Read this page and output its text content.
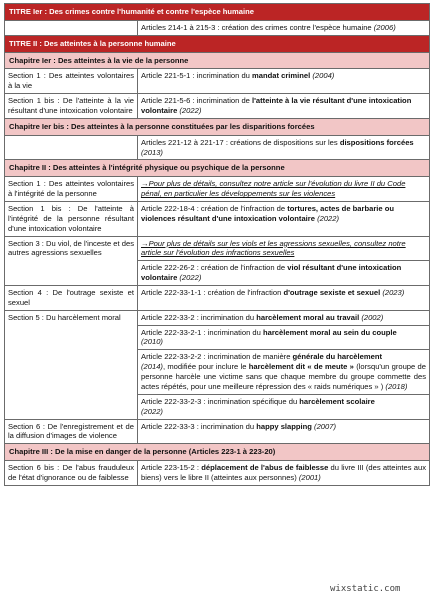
TITRE Ier : Des crimes contre l'humanité et contre l'espèce humaine	
	Articles 214-1 à 215-3 : création des crimes contre l'espèce humaine (2006)
TITRE II : Des atteintes à la personne humaine	
Chapitre Ier : Des atteintes à la vie de la personne	
Section 1 : Des atteintes volontaires à la vie	Article 221-5-1 : incrimination du mandat criminel (2004)
Section 1 bis : De l'atteinte à la vie résultant d'une intoxication volontaire	Article 221-5-6 : incrimination de l'atteinte à la vie résultant d'une intoxication volontaire (2022)
Chapitre Ier bis : Des atteintes à la personne constituées par les disparitions forcées	
	Articles 221-12 à 221-17 : créations de dispositions sur les dispositions forcées (2013)
Chapitre II : Des atteintes à l'intégrité physique ou psychique de la personne	
Section 1 : Des atteintes volontaires à l'intégrité de la personne	→Pour plus de détails, consultez notre article sur l'évolution du livre II du Code pénal, en particulier les développements sur les violences
Section 1 bis : De l'atteinte à l'intégrité de la personne résultant d'une intoxication volontaire	Article 222-18-4 : création de l'infraction de tortures, actes de barbarie ou violences résultant d'une intoxication volontaire (2022)
Section 3 : Du viol, de l'inceste et des autres agressions sexuelles	→Pour plus de détails sur les viols et les agressions sexuelles, consultez notre article sur l'évolution des infractions sexuelles
	Article 222-26-2 : création de l'infraction de viol résultant d'une intoxication volontaire (2022)
Section 4 : De l'outrage sexiste et sexuel	Article 222-33-1-1 : création de l'infraction d'outrage sexiste et sexuel (2023)
Section 5 : Du harcèlement moral	Article 222-33-2 : incrimination du harcèlement moral au travail (2002)
	Article 222-33-2-1 : incrimination du harcèlement moral au sein du couple
(2010)
	Article 222-33-2-2 : incrimination de manière générale du harcèlement
(2014), modifiée pour inclure le harcèlement dit « de meute » (lorsqu'un groupe de personne harcèle une victime sans que chaque membre du groupe commette des actes répétés, pour une meilleure répression des « raids numériques » ) (2018)
	Article 222-33-2-3 : incrimination spécifique du harcèlement scolaire
(2022)
Section 6 : De l'enregistrement et de la diffusion d'images de violence	Article 222-33-3 : incrimination du happy slapping (2007)
Chapitre III : De la mise en danger de la personne (Articles 223-1 à 223-20)	
Section 6 bis : De l'abus frauduleux de l'état d'ignorance ou de faiblesse	Article 223-15-2 : déplacement de l'abus de faiblesse du livre III (des atteintes aux biens) vers le libre II (atteintes aux personnes) (2001)
wixstatic.com
